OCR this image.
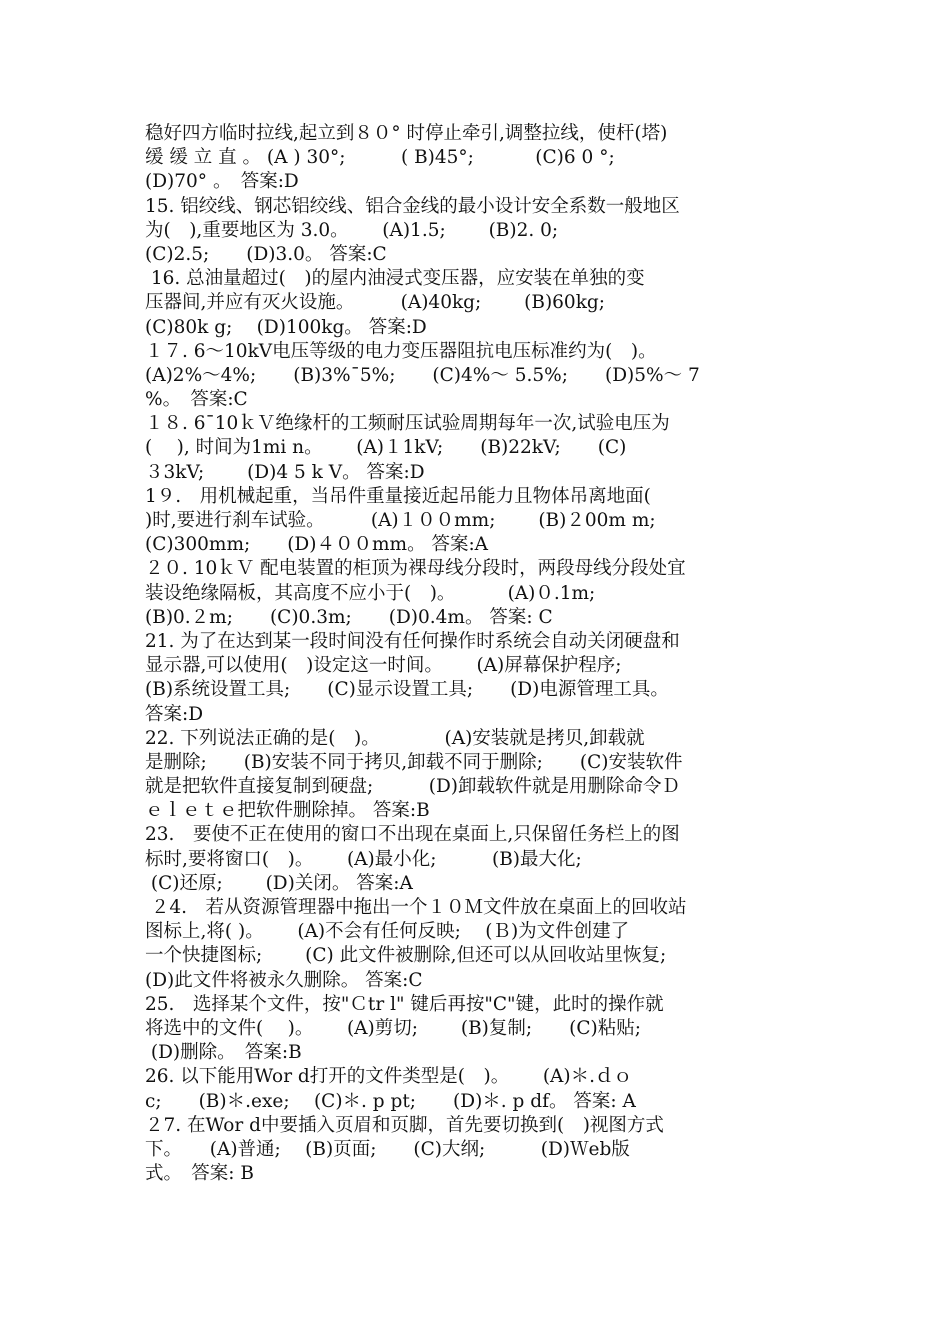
稳好四方临时拉线,起立到８０° 时停止牵引,调整拉线，使杆(塔)
缓 缓 立 直 。 (A ) 30°;　　　( B)45°;　　　 (C)6 0 °;
(D)70° 。　答案:D
15. 铝绞线、钢芯铝绞线、铝合金线的最小设计安全系数一般地区
为(　),重要地区为 3.0。　　 (A)1.5;　　 (B)2. 0;
(C)2.5;　　(D)3.0。 答案:C
16. 总油量超过(　)的屋内油浸式变压器，应安装在单独的变
压器间,并应有灭火设施。　　　(A)40kg;　　 (B)60kg;
(C)80k g;　 (D)100kg。 答案:D
１７. 6～10kV电压等级的电力变压器阻抗电压标准约为(　)。
(A)2%～4%;　　(B)3%¯5%;　　(C)4%～ 5.5%;　　(D)5%～ 7
%。　答案:C
１８. 6¯10ｋＶ绝缘杆的工频耐压试验周期每年一次,试验电压为
(　 ), 时间为1mi n。　　 (A)１1kV;　　(B)22kV;　　(C)
３3kV;　　 (D)4 5 k V。 答案:D
1９.　用机械起重，当吊件重量接近起吊能力且物体吊离地面(
)时,要进行刹车试验。　　　(A)１００mm;　　 (B)２00m m;
(C)300mm;　　(D)４００mm。 答案:A
２０. 10ｋＶ 配电装置的柜顶为裸母线分段时，两段母线分段处宜
装设绝缘隔板，其高度不应小于(　)。　　　 (A)０.1m;
(B)0.２m;　　(C)0.3m;　　(D)0.4m。 答案: C
21. 为了在达到某一段时间没有任何操作时系统会自动关闭硬盘和
显示器,可以使用(　)设定这一时间。　　 (A)屏幕保护程序;
(B)系统设置工具;　　(C)显示设置工具;　　(D)电源管理工具。
答案:D
22. 下列说法正确的是(　)。　　　　(A)安装就是拷贝,卸载就
是删除;　　(B)安装不同于拷贝,卸载不同于删除;　　(C)安装软件
就是把软件直接复制到硬盘;　　　(D)卸载软件就是用删除命令Ｄ
ｅｌｅｔｅ把软件删除掉。 答案:B
23.　要使不正在使用的窗口不出现在桌面上,只保留任务栏上的图
标时,要将窗口(　)。　　 (A)最小化;　　　(B)最大化;
(C)还原;　　 (D)关闭。 答案:A
２4.　若从资源管理器中拖出一个１０Ｍ文件放在桌面上的回收站
图标上,将( )。　　 (A)不会有任何反映;　 (Ｂ)为文件创建了
一个快捷图标;　　 (C) 此文件被删除,但还可以从回收站里恢复;
(D)此文件将被永久删除。 答案:C
25.　选择某个文件，按"Ｃtr l" 键后再按"C"键，此时的操作就
将选中的文件(　 )。　　 (A)剪切;　　 (B)复制;　　(C)粘贴;
(D)删除。　答案:B
26. 以下能用Wor d打开的文件类型是(　)。　　 (A)＊.ｄｏ
c;　　(B)＊.exe;　 (C)＊. p pt;　　(D)＊. p df。 答案: A
２7. 在Wor d中要插入页眉和页脚，首先要切换到(　)视图方式
下。　　(A)普通;　 (B)页面;　　(C)大纲;　　　(D)Ｗeb版
式。　答案: B
